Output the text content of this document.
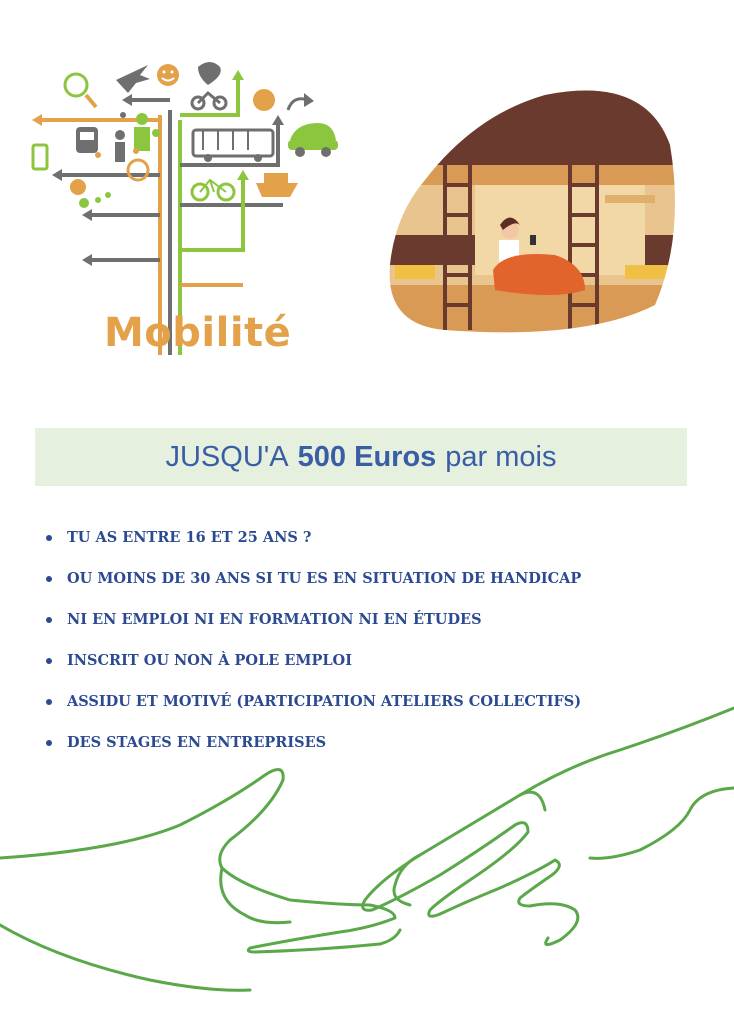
Mobilité
JUSQU'A 500 Euros par mois
TU AS ENTRE 16 ET 25 ANS ?
OU MOINS DE 30 ANS SI TU ES EN SITUATION DE HANDICAP
NI EN EMPLOI NI EN FORMATION NI EN ÉTUDES
INSCRIT OU NON À POLE EMPLOI
ASSIDU ET MOTIVÉ (PARTICIPATION ATELIERS COLLECTIFS)
DES STAGES EN ENTREPRISES
